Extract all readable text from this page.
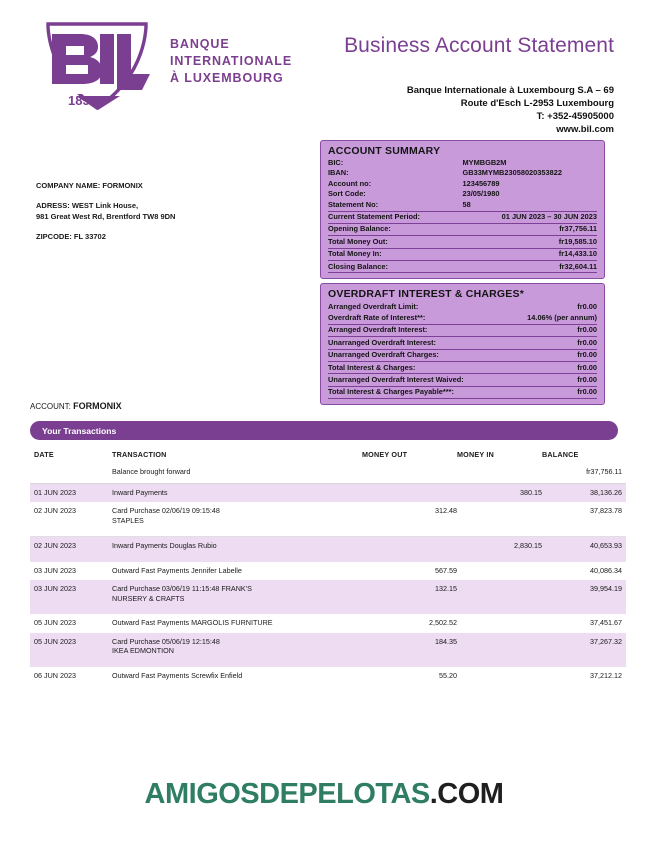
1856
BANQUE
INTERNATIONALE
À LUXEMBOURG
Business Account Statement
Banque Internationale à Luxembourg S.A – 69
Route d'Esch L-2953 Luxembourg
T: +352-45905000
www.bil.com
COMPANY NAME: FORMONIX
ADRESS: WEST Link House,
981 Great West Rd, Brentford TW8 9DN
ZIPCODE: FL 33702
ACCOUNT SUMMARY
BIC:	MYMBGB2M
IBAN:	GB33MYMB23058020353822
Account no:	123456789
Sort Code:	23/05/1980
Statement No:	58
Current Statement Period:	01 JUN 2023 – 30 JUN 2023
Opening Balance:	fr37,756.11
Total Money Out:	fr19,585.10
Total Money In:	fr14,433.10
Closing Balance:	fr32,604.11
OVERDRAFT INTEREST & CHARGES*
Arranged Overdraft Limit:	fr0.00
Overdraft Rate of Interest**:	14.06% (per annum)
Arranged Overdraft Interest:	fr0.00
Unarranged Overdraft Interest:	fr0.00
Unarranged Overdraft Charges:	fr0.00
Total Interest & Charges:	fr0.00
Unarranged Overdraft Interest Waived:	fr0.00
Total Interest & Charges Payable***:	fr0.00
ACCOUNT: FORMONIX
Your Transactions
DATE	TRANSACTION	MONEY OUT	MONEY IN	BALANCE
	Balance brought forward			fr37,756.11
01 JUN 2023	Inward Payments		380.15	38,136.26
02 JUN 2023	Card Purchase 02/06/19 09:15:48
STAPLES	312.48		37,823.78
02 JUN 2023	Inward Payments Douglas Rubio		2,830.15	40,653.93
03 JUN 2023	Outward Fast Payments Jennifer Labelle	567.59		40,086.34
03 JUN 2023	Card Purchase 03/06/19 11:15:48 FRANK'S
NURSERY & CRAFTS	132.15		39,954.19
05 JUN 2023	Outward Fast Payments MARGOLIS FURNITURE	2,502.52		37,451.67
05 JUN 2023	Card Purchase 05/06/19 12:15:48
IKEA EDMONTION	184.35		37,267.32
06 JUN 2023	Outward Fast Payments Screwfix Enfield	55.20		37,212.12
AMIGOSDEPELOTAS.COM
